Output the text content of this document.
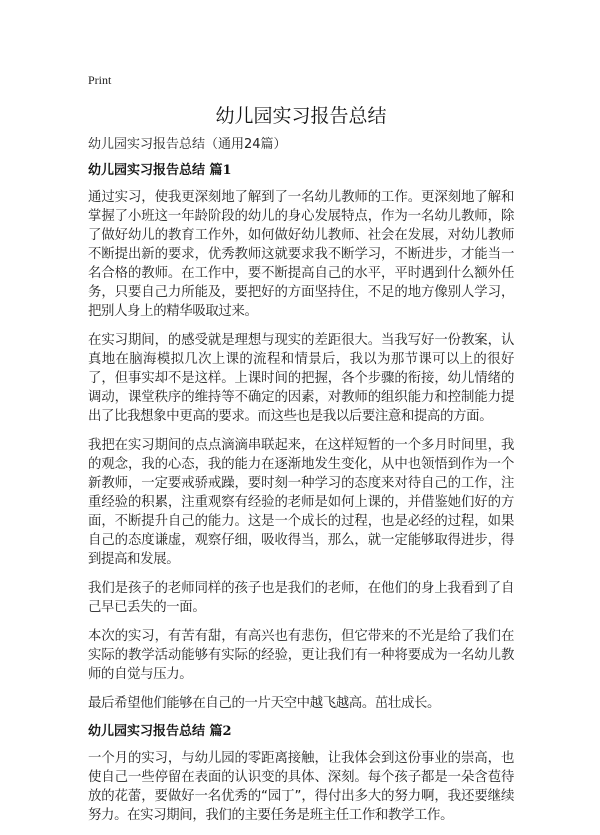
Print
幼儿园实习报告总结
幼儿园实习报告总结（通用24篇）
幼儿园实习报告总结 篇1

通过实习，使我更深刻地了解到了一名幼儿教师的工作。更深刻地了解和掌握了小班这一年龄阶段的幼儿的身心发展特点，作为一名幼儿教师，除了做好幼儿的教育工作外，如何做好幼儿教师、社会在发展，对幼儿教师不断提出新的要求，优秀教师这就要求我不断学习，不断进步，才能当一名合格的教师。在工作中，要不断提高自己的水平，平时遇到什么额外任务，只要自己力所能及，要把好的方面坚持住，不足的地方像别人学习，把别人身上的精华吸取过来。

在实习期间，的感受就是理想与现实的差距很大。当我写好一份教案，认真地在脑海模拟几次上课的流程和情景后，我以为那节课可以上的很好了，但事实却不是这样。上课时间的把握，各个步骤的衔接，幼儿情绪的调动，课堂秩序的维持等不确定的因素，对教师的组织能力和控制能力提出了比我想象中更高的要求。而这些也是我以后要注意和提高的方面。

我把在实习期间的点点滴滴串联起来，在这样短暂的一个多月时间里，我的观念，我的心态，我的能力在逐渐地发生变化，从中也领悟到作为一个新教师，一定要戒骄戒躁，要时刻一种学习的态度来对待自己的工作，注重经验的积累，注重观察有经验的老师是如何上课的，并借鉴她们好的方面，不断提升自己的能力。这是一个成长的过程，也是必经的过程，如果自己的态度谦虚，观察仔细，吸收得当，那么，就一定能够取得进步，得到提高和发展。

我们是孩子的老师同样的孩子也是我们的老师，在他们的身上我看到了自己早已丢失的一面。

本次的实习，有苦有甜，有高兴也有悲伤，但它带来的不光是给了我们在实际的教学活动能够有实际的经验，更让我们有一种将要成为一名幼儿教师的自觉与压力。

最后希望他们能够在自己的一片天空中越飞越高。茁壮成长。

幼儿园实习报告总结 篇2

一个月的实习，与幼儿园的零距离接触，让我体会到这份事业的崇高，也使自己一些停留在表面的认识变的具体、深刻。每个孩子都是一朵含苞待放的花蕾，要做好一名优秀的“园丁”，得付出多大的努力啊，我还要继续努力。在实习期间，我们的主要任务是班主任工作和教学工作。
